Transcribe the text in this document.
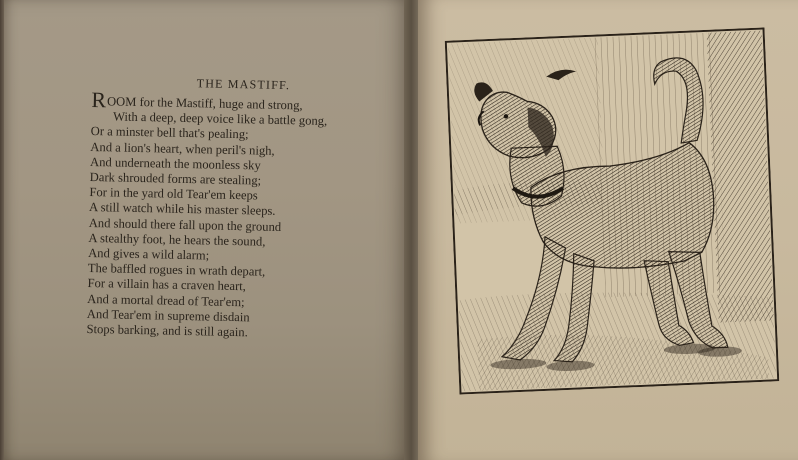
THE MASTIFF.
ROOM for the Mastiff, huge and strong,
With a deep, deep voice like a battle gong,
Or a minster bell that's pealing;
And a lion's heart, when peril's nigh,
And underneath the moonless sky
Dark shrouded forms are stealing;
For in the yard old Tear'em keeps
A still watch while his master sleeps.
And should there fall upon the ground
A stealthy foot, he hears the sound,
And gives a wild alarm;
The baffled rogues in wrath depart,
For a villain has a craven heart,
And a mortal dread of Tear'em;
And Tear'em in supreme disdain
Stops barking, and is still again.
